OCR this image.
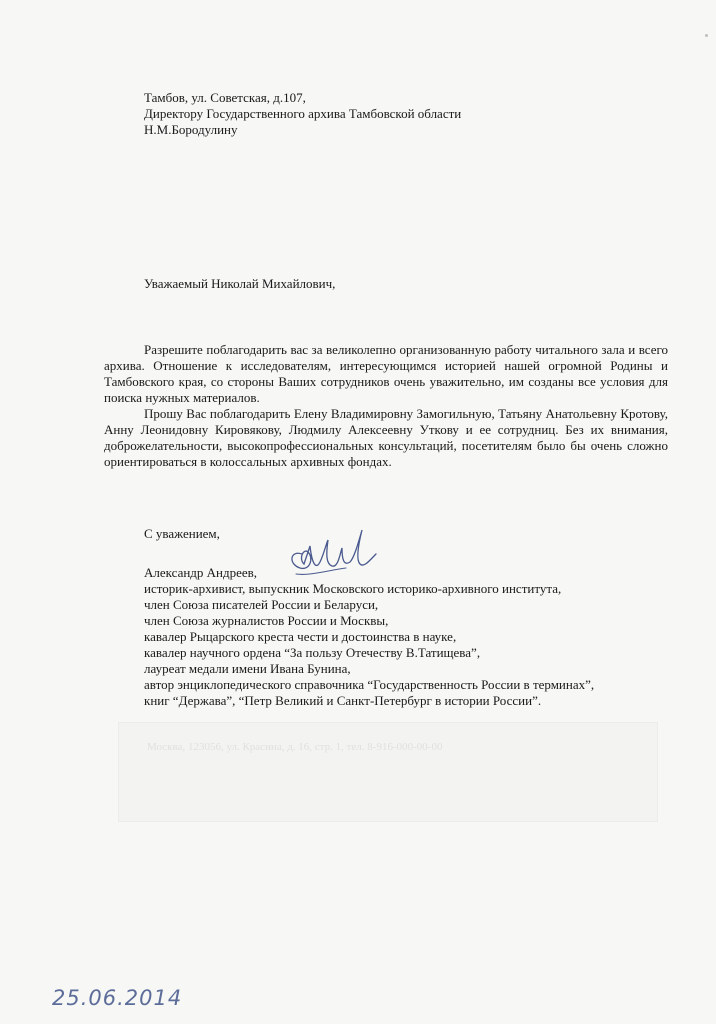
Тамбов, ул. Советская, д.107,
Директору Государственного архива Тамбовской области
Н.М.Бородулину
Уважаемый Николай Михайлович,
Разрешите поблагодарить вас за великолепно организованную работу читального зала и всего архива. Отношение к исследователям, интересующимся историей нашей огромной Родины и Тамбовского края, со стороны Ваших сотрудников очень уважительно, им созданы все условия для поиска нужных материалов.
Прошу Вас поблагодарить Елену Владимировну Замогильную, Татьяну Анатольевну Кротову, Анну Леонидовну Кировякову, Людмилу Алексеевну Уткову и ее сотрудниц. Без их внимания, доброжелательности, высокопрофессиональных консультаций, посетителям было бы очень сложно ориентироваться в колоссальных архивных фондах.
С уважением,
Александр Андреев,
историк-архивист, выпускник Московского историко-архивного института,
член Союза писателей России и Беларуси,
член Союза журналистов России и Москвы,
кавалер Рыцарского креста чести и достоинства в науке,
кавалер научного ордена “За пользу Отечеству В.Татищева”,
лауреат медали имени Ивана Бунина,
автор энциклопедического справочника “Государственность России в терминах”,
книг “Держава”, “Петр Великий и Санкт-Петербург в истории России”.
Москва, 123056, ул. Красина, д. 16, стр. 1, тел. 8-916-000-00-00
25.06.2014
